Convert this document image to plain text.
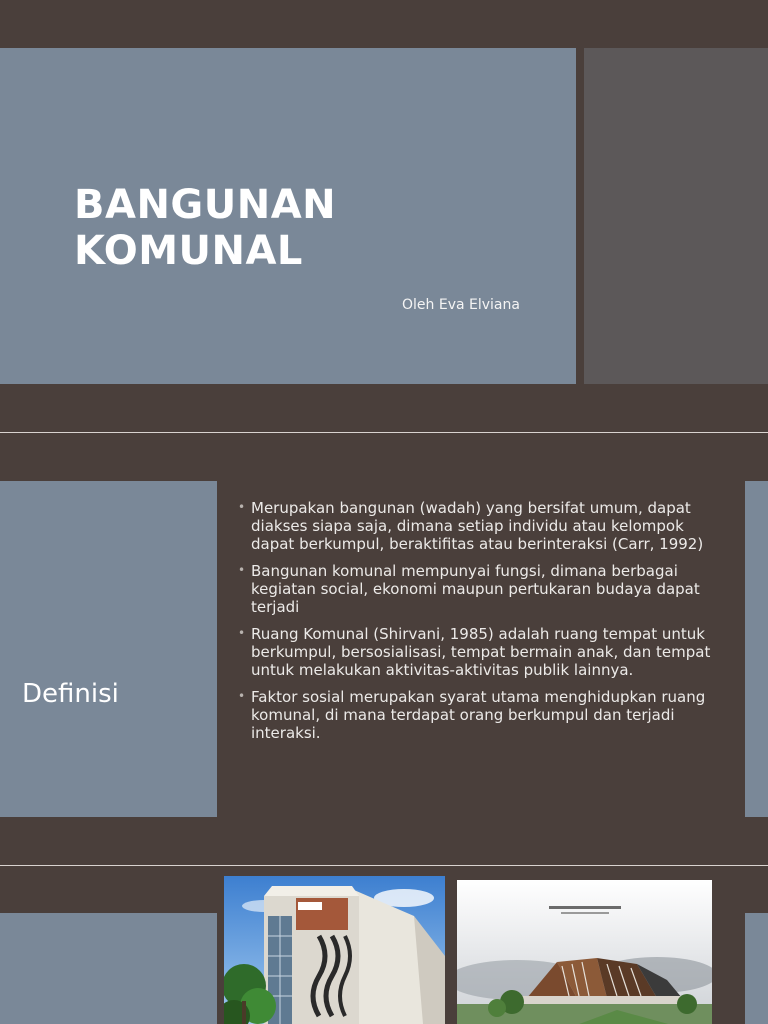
BANGUNAN
KOMUNAL
Oleh Eva Elviana
Definisi
• Merupakan bangunan (wadah) yang bersifat umum, dapat diakses siapa saja, dimana setiap individu atau kelompok dapat berkumpul, beraktifitas atau berinteraksi (Carr, 1992)
• Bangunan komunal mempunyai fungsi, dimana berbagai kegiatan social, ekonomi maupun pertukaran budaya dapat terjadi
• Ruang Komunal (Shirvani, 1985) adalah ruang tempat untuk berkumpul, bersosialisasi, tempat bermain anak, dan tempat untuk melakukan aktivitas-aktivitas publik lainnya.
• Faktor sosial merupakan syarat utama menghidupkan ruang komunal, di mana terdapat orang berkumpul dan terjadi interaksi.
